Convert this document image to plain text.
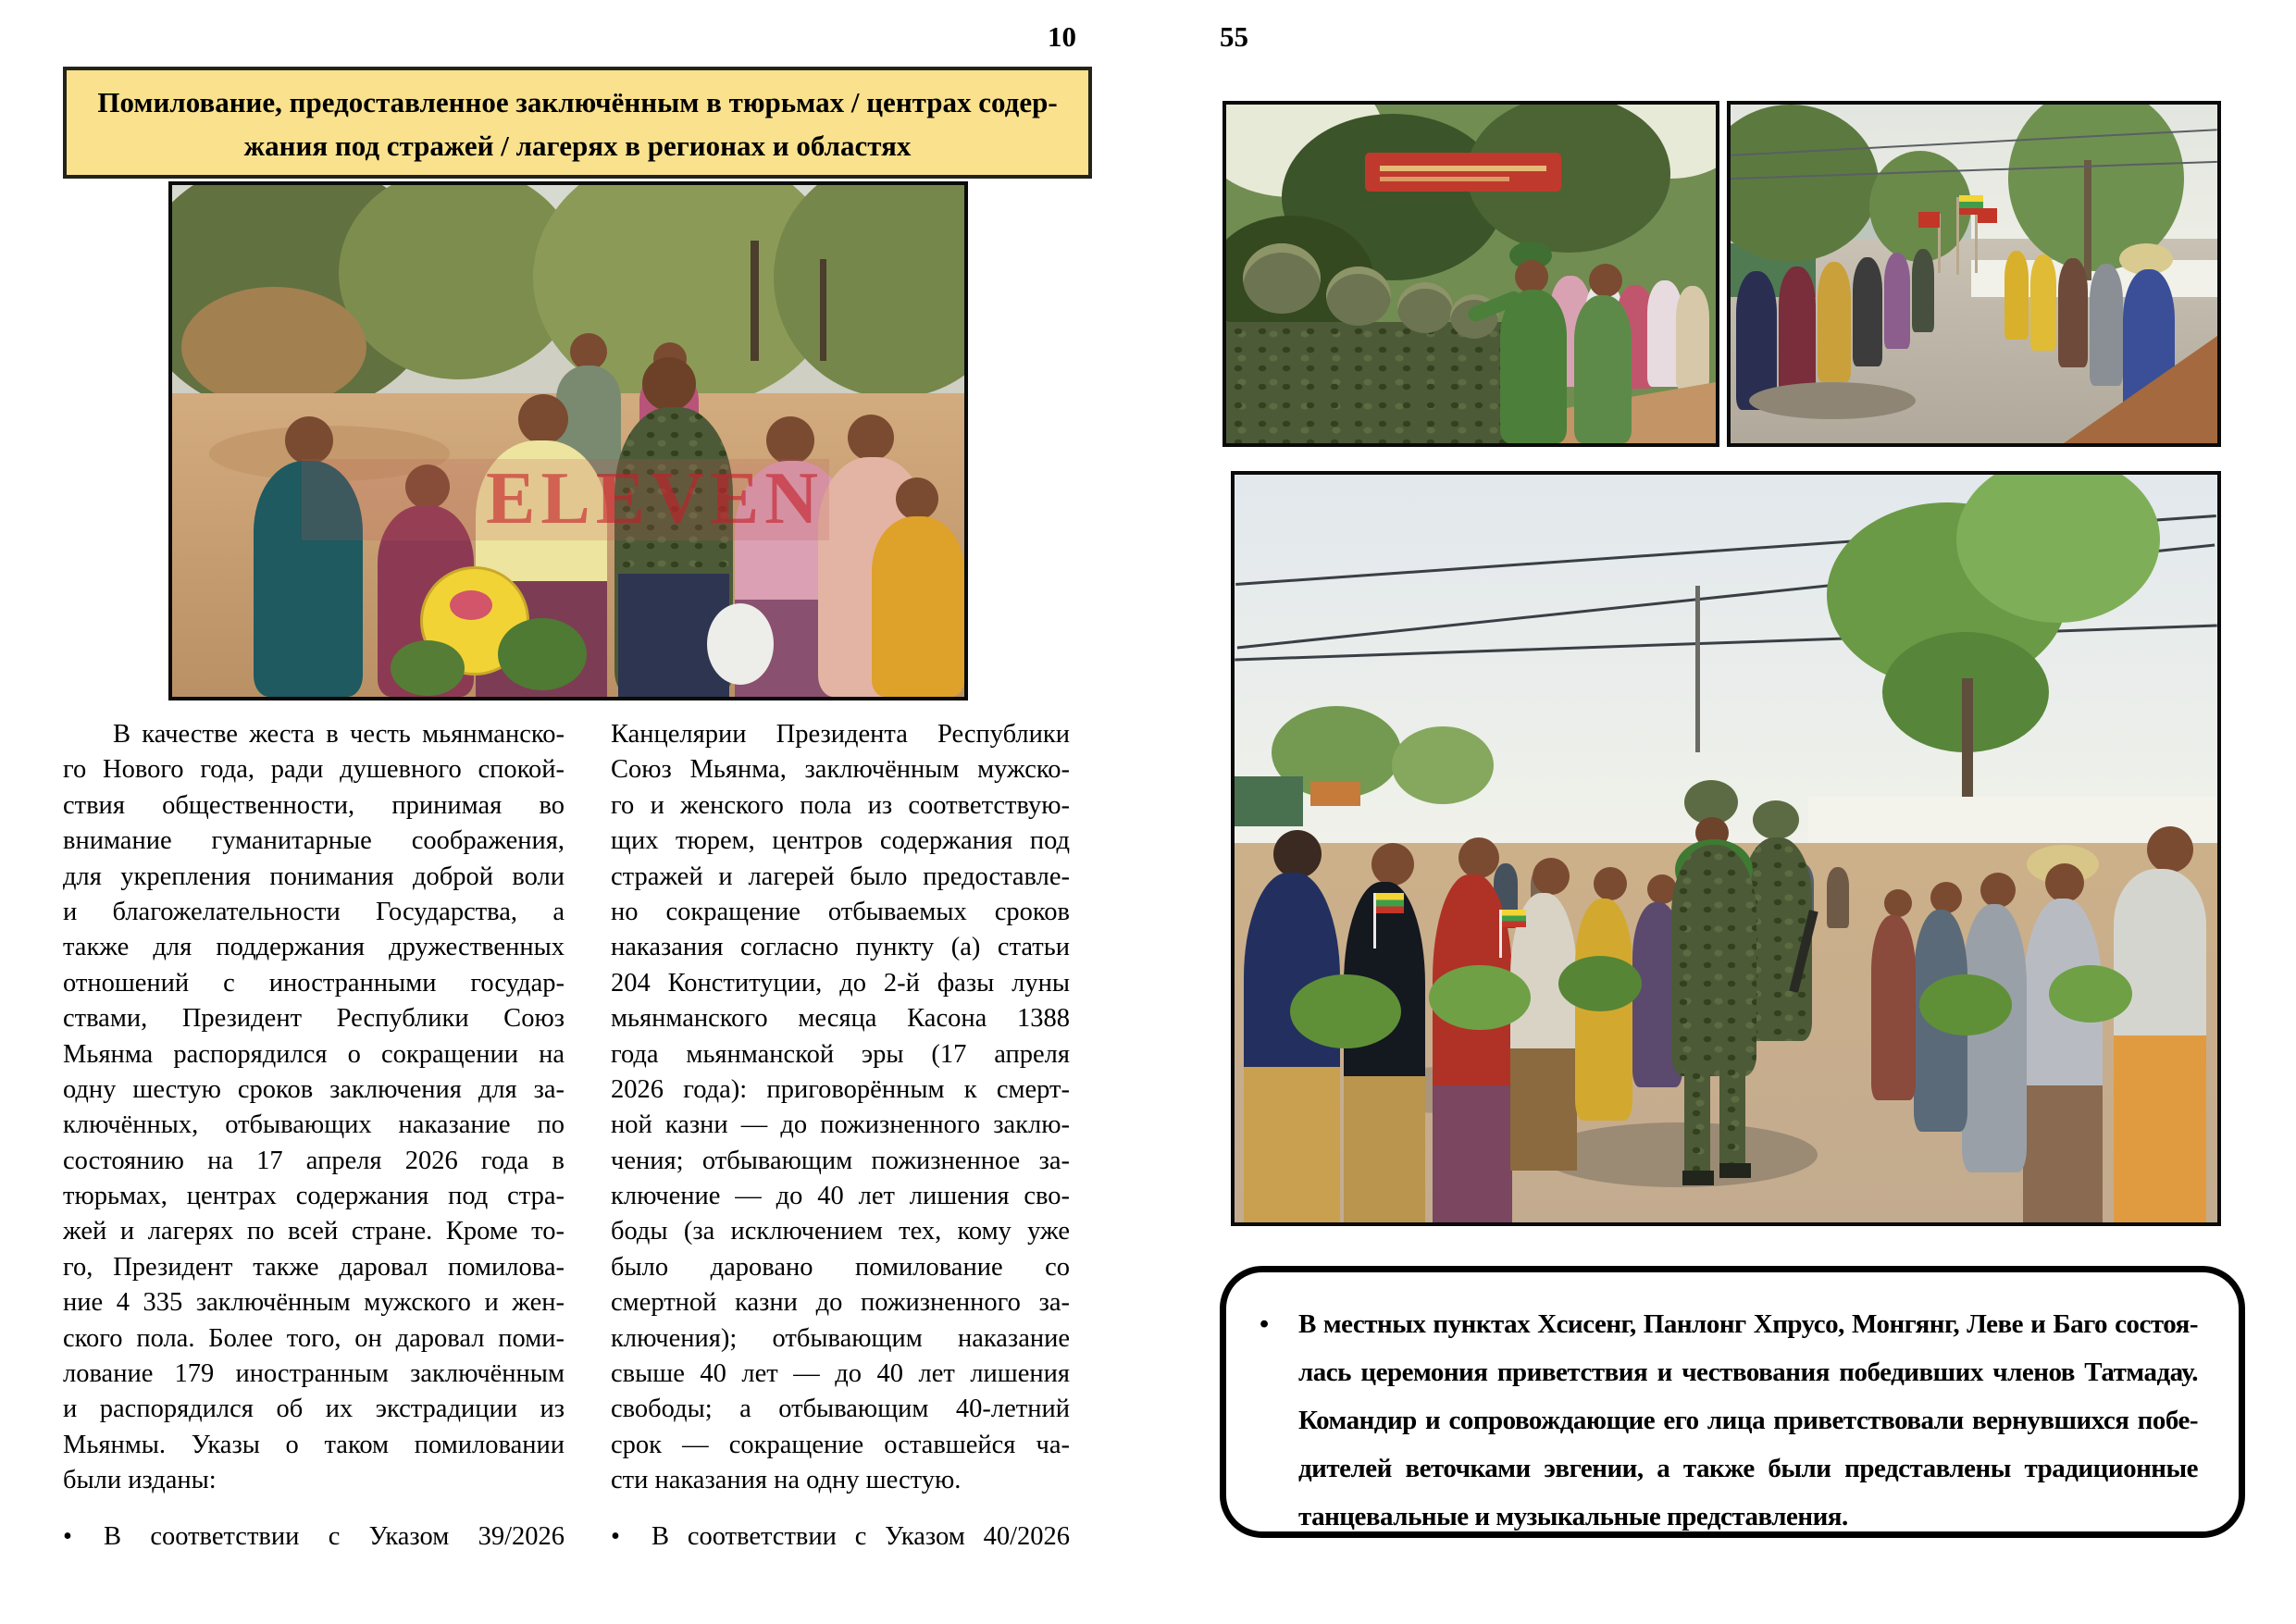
10
Помилование, предоставленное заключённым в тюрьмах / центрах содер-
жания под стражей / лагерях в регионах и областях
ELEVEN
В качестве жеста в честь мьянманско-
го Нового года, ради душевного спокой-
ствия общественности, принимая во
внимание гуманитарные соображения,
для укрепления понимания доброй воли
и благожелательности Государства, а
также для поддержания дружественных
отношений с иностранными государ-
ствами, Президент Республики Союз
Мьянма распорядился о сокращении на
одну шестую сроков заключения для за-
ключённых, отбывающих наказание по
состоянию на 17 апреля 2026 года в
тюрьмах, центрах содержания под стра-
жей и лагерях по всей стране. Кроме то-
го, Президент также даровал помилова-
ние 4 335 заключённым мужского и жен-
ского пола. Более того, он даровал поми-
лование 179 иностранным заключённым
и распорядился об их экстрадиции из
Мьянмы. Указы о таком помиловании
были изданы:
• В соответствии с Указом 39/2026
Канцелярии Президента Республики
Союз Мьянма, заключённым мужско-
го и женского пола из соответствую-
щих тюрем, центров содержания под
стражей и лагерей было предоставле-
но сокращение отбываемых сроков
наказания согласно пункту (а) статьи
204 Конституции, до 2-й фазы луны
мьянманского месяца Касона 1388
года мьянманской эры (17 апреля
2026 года): приговорённым к смерт-
ной казни — до пожизненного заклю-
чения; отбывающим пожизненное за-
ключение — до 40 лет лишения сво-
боды (за исключением тех, кому уже
было даровано помилование со
смертной казни до пожизненного за-
ключения); отбывающим наказание
свыше 40 лет — до 40 лет лишения
свободы; а отбывающим 40-летний
срок — сокращение оставшейся ча-
сти наказания на одну шестую.
• В соответствии с Указом 40/2026
55
• В местных пунктах Хсисенг, Панлонг Хпрусо, Монгянг, Леве и Баго состоя-
лась церемония приветствия и чествования победивших членов Татмадау.
Командир и сопровождающие его лица приветствовали вернувшихся побе-
дителей веточками эвгении, а также были представлены традиционные
танцевальные и музыкальные представления.
